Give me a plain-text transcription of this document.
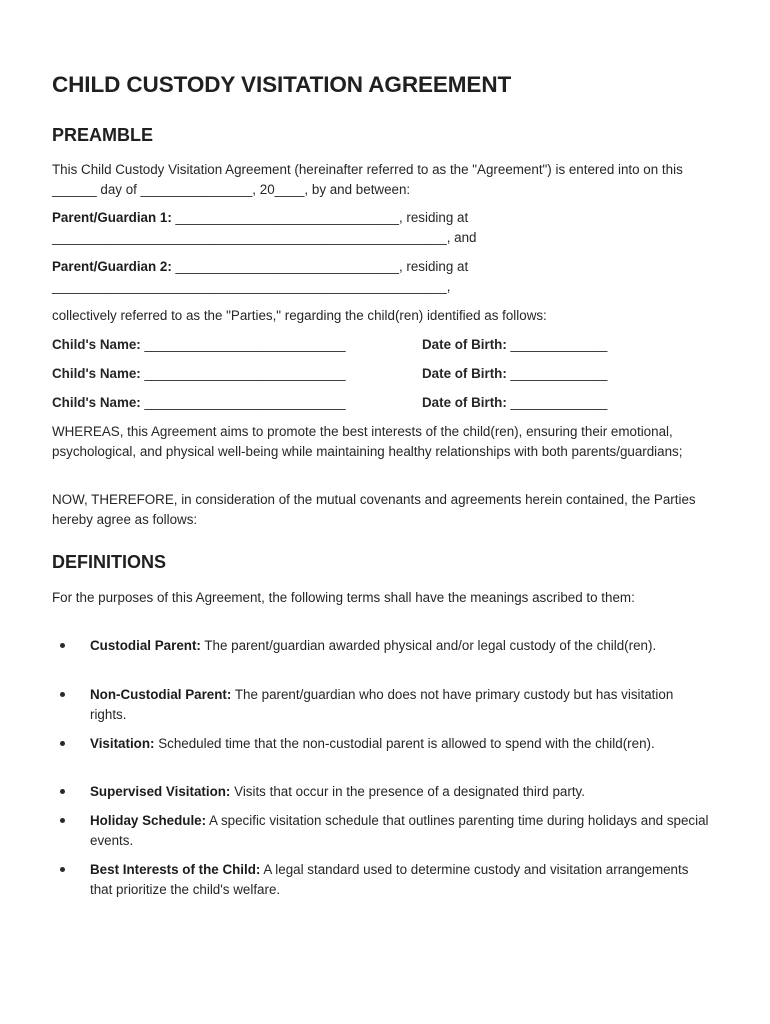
CHILD CUSTODY VISITATION AGREEMENT
PREAMBLE

This Child Custody Visitation Agreement (hereinafter referred to as the "Agreement") is entered into on this ______ day of _______________, 20____, by and between:

Parent/Guardian 1: ______________________________, residing at _____________________________________________________, and

Parent/Guardian 2: ______________________________, residing at _____________________________________________________,

collectively referred to as the "Parties," regarding the child(ren) identified as follows:

Child's Name: ___________________________	Date of Birth: _____________
Child's Name: ___________________________	Date of Birth: _____________
Child's Name: ___________________________	Date of Birth: _____________

WHEREAS, this Agreement aims to promote the best interests of the child(ren), ensuring their emotional, psychological, and physical well-being while maintaining healthy relationships with both parents/guardians;

NOW, THEREFORE, in consideration of the mutual covenants and agreements herein contained, the Parties hereby agree as follows:

DEFINITIONS

For the purposes of this Agreement, the following terms shall have the meanings ascribed to them:

Custodial Parent: The parent/guardian awarded physical and/or legal custody of the child(ren).
Non-Custodial Parent: The parent/guardian who does not have primary custody but has visitation rights.
Visitation: Scheduled time that the non-custodial parent is allowed to spend with the child(ren).
Supervised Visitation: Visits that occur in the presence of a designated third party.
Holiday Schedule: A specific visitation schedule that outlines parenting time during holidays and special events.
Best Interests of the Child: A legal standard used to determine custody and visitation arrangements that prioritize the child's welfare.
